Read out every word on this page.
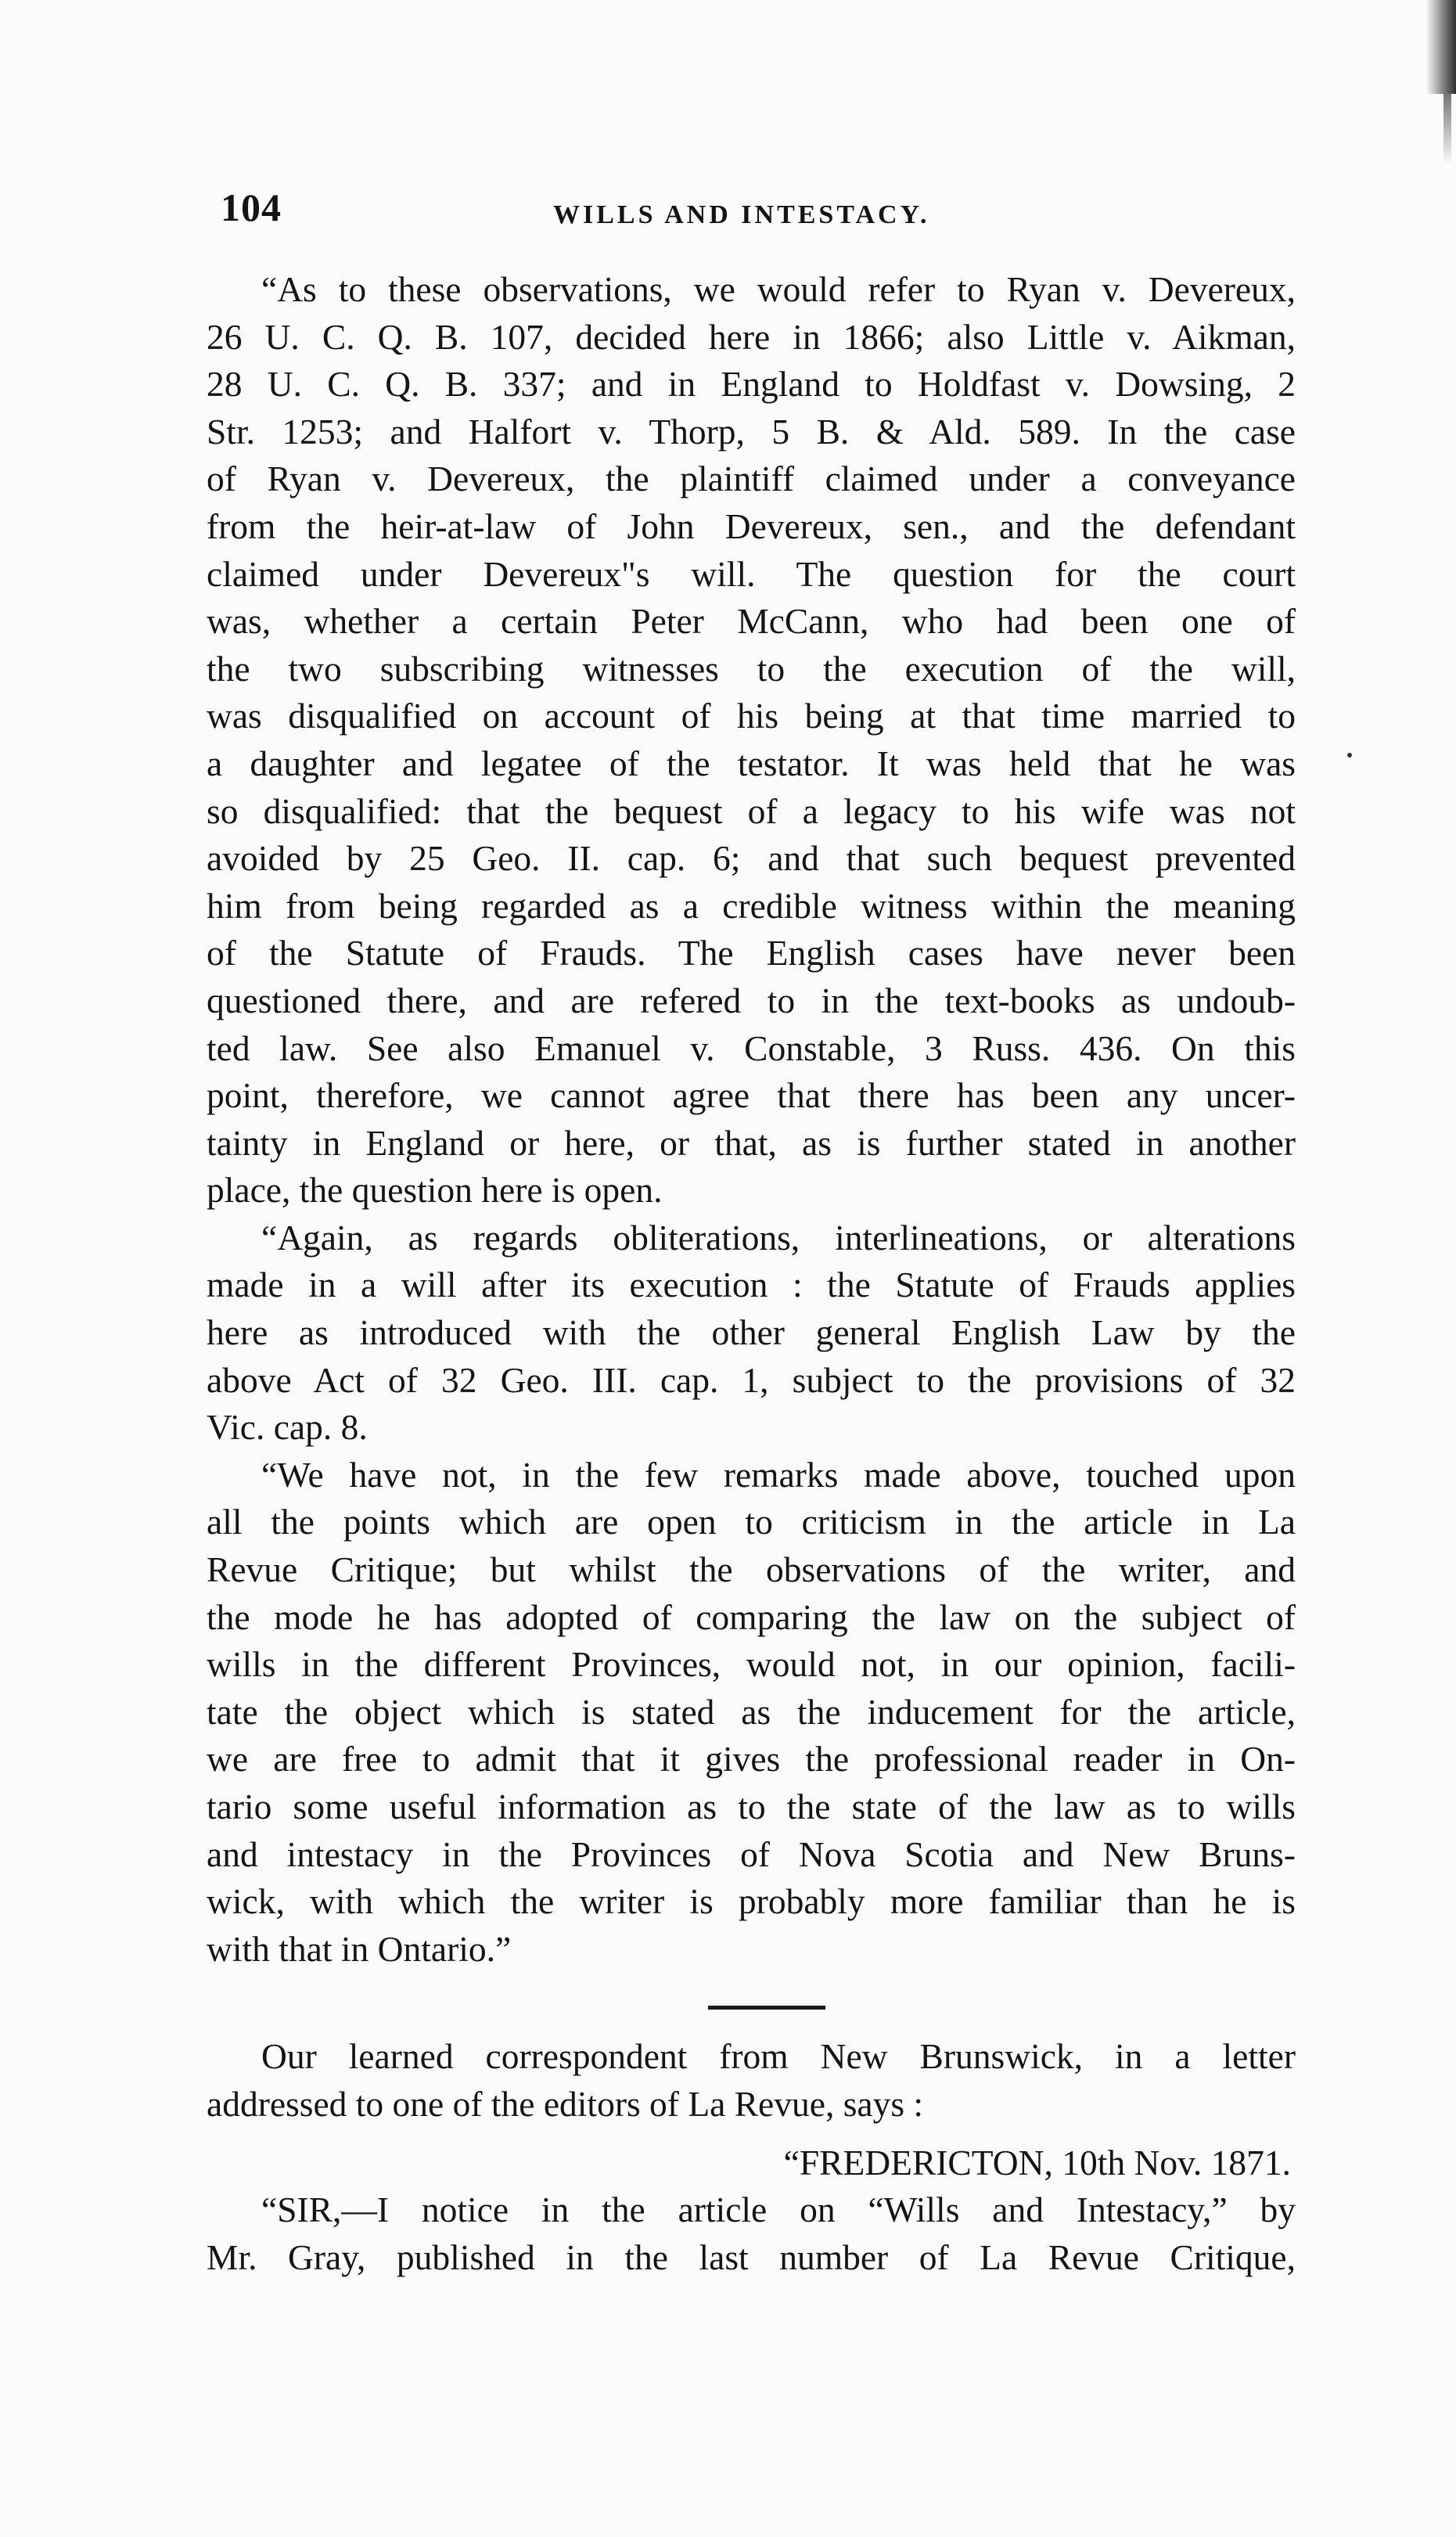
104	WILLS AND INTESTACY.
“As to these observations, we would refer to Ryan v. Devereux,
26 U. C. Q. B. 107, decided here in 1866; also Little v. Aikman,
28 U. C. Q. B. 337; and in England to Holdfast v. Dowsing, 2
Str. 1253; and Halfort v. Thorp, 5 B. & Ald. 589. In the case
of Ryan v. Devereux, the plaintiff claimed under a conveyance
from the heir-at-law of John Devereux, sen., and the defendant
claimed under Devereux"s will. The question for the court
was, whether a certain Peter McCann, who had been one of
the two subscribing witnesses to the execution of the will,
was disqualified on account of his being at that time married to
a daughter and legatee of the testator. It was held that he was
so disqualified: that the bequest of a legacy to his wife was not
avoided by 25 Geo. II. cap. 6; and that such bequest prevented
him from being regarded as a credible witness within the meaning
of the Statute of Frauds. The English cases have never been
questioned there, and are refered to in the text-books as undoub-
ted law. See also Emanuel v. Constable, 3 Russ. 436. On this
point, therefore, we cannot agree that there has been any uncer-
tainty in England or here, or that, as is further stated in another
place, the question here is open.
“Again, as regards obliterations, interlineations, or alterations
made in a will after its execution : the Statute of Frauds applies
here as introduced with the other general English Law by the
above Act of 32 Geo. III. cap. 1, subject to the provisions of 32
Vic. cap. 8.
“We have not, in the few remarks made above, touched upon
all the points which are open to criticism in the article in La
Revue Critique; but whilst the observations of the writer, and
the mode he has adopted of comparing the law on the subject of
wills in the different Provinces, would not, in our opinion, facili-
tate the object which is stated as the inducement for the article,
we are free to admit that it gives the professional reader in On-
tario some useful information as to the state of the law as to wills
and intestacy in the Provinces of Nova Scotia and New Bruns-
wick, with which the writer is probably more familiar than he is
with that in Ontario.”
Our learned correspondent from New Brunswick, in a letter
addressed to one of the editors of La Revue, says :
“FREDERICTON, 10th Nov. 1871.
“SIR,—I notice in the article on “Wills and Intestacy,” by
Mr. Gray, published in the last number of La Revue Critique,
